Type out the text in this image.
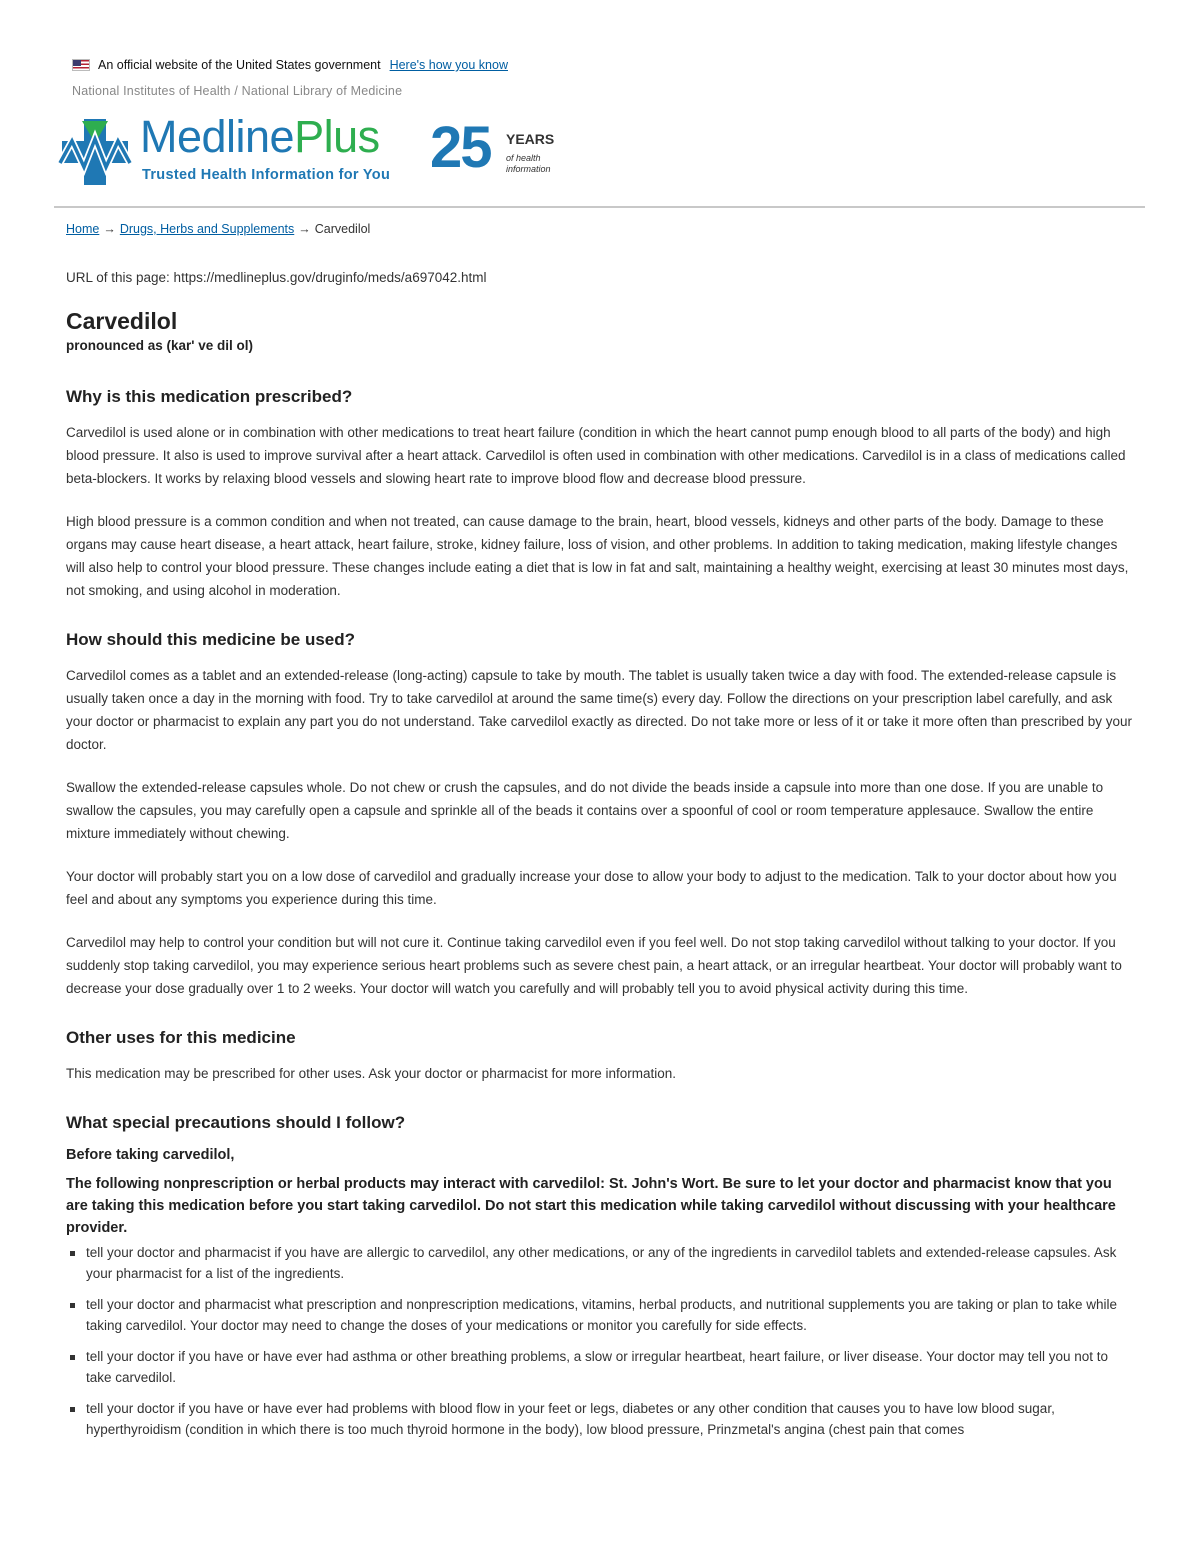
An official website of the United States government Here's how you know
National Institutes of Health / National Library of Medicine
MedlinePlus
Trusted Health Information for You 25 YEARS
of health information
Home → Drugs, Herbs and Supplements → Carvedilol

URL of this page: https://medlineplus.gov/druginfo/meds/a697042.html

Carvedilol
pronounced as (kar' ve dil ol)
Why is this medication prescribed?

Carvedilol is used alone or in combination with other medications to treat heart failure (condition in which the heart cannot pump enough blood to all parts of the body) and high blood pressure. It also is used to improve survival after a heart attack. Carvedilol is often used in combination with other medications. Carvedilol is in a class of medications called beta-blockers. It works by relaxing blood vessels and slowing heart rate to improve blood flow and decrease blood pressure.

High blood pressure is a common condition and when not treated, can cause damage to the brain, heart, blood vessels, kidneys and other parts of the body. Damage to these organs may cause heart disease, a heart attack, heart failure, stroke, kidney failure, loss of vision, and other problems. In addition to taking medication, making lifestyle changes will also help to control your blood pressure. These changes include eating a diet that is low in fat and salt, maintaining a healthy weight, exercising at least 30 minutes most days, not smoking, and using alcohol in moderation.

How should this medicine be used?

Carvedilol comes as a tablet and an extended-release (long-acting) capsule to take by mouth. The tablet is usually taken twice a day with food. The extended-release capsule is usually taken once a day in the morning with food. Try to take carvedilol at around the same time(s) every day. Follow the directions on your prescription label carefully, and ask your doctor or pharmacist to explain any part you do not understand. Take carvedilol exactly as directed. Do not take more or less of it or take it more often than prescribed by your doctor.

Swallow the extended-release capsules whole. Do not chew or crush the capsules, and do not divide the beads inside a capsule into more than one dose. If you are unable to swallow the capsules, you may carefully open a capsule and sprinkle all of the beads it contains over a spoonful of cool or room temperature applesauce. Swallow the entire mixture immediately without chewing.

Your doctor will probably start you on a low dose of carvedilol and gradually increase your dose to allow your body to adjust to the medication. Talk to your doctor about how you feel and about any symptoms you experience during this time.

Carvedilol may help to control your condition but will not cure it. Continue taking carvedilol even if you feel well. Do not stop taking carvedilol without talking to your doctor. If you suddenly stop taking carvedilol, you may experience serious heart problems such as severe chest pain, a heart attack, or an irregular heartbeat. Your doctor will probably want to decrease your dose gradually over 1 to 2 weeks. Your doctor will watch you carefully and will probably tell you to avoid physical activity during this time.

Other uses for this medicine

This medication may be prescribed for other uses. Ask your doctor or pharmacist for more information.

What special precautions should I follow?
Before taking carvedilol,
The following nonprescription or herbal products may interact with carvedilol: St. John's Wort. Be sure to let your doctor and pharmacist know that you are taking this medication before you start taking carvedilol. Do not start this medication while taking carvedilol without discussing with your healthcare provider.
tell your doctor and pharmacist if you have are allergic to carvedilol, any other medications, or any of the ingredients in carvedilol tablets and extended-release capsules. Ask your pharmacist for a list of the ingredients.
tell your doctor and pharmacist what prescription and nonprescription medications, vitamins, herbal products, and nutritional supplements you are taking or plan to take while taking carvedilol. Your doctor may need to change the doses of your medications or monitor you carefully for side effects.
tell your doctor if you have or have ever had asthma or other breathing problems, a slow or irregular heartbeat, heart failure, or liver disease. Your doctor may tell you not to take carvedilol.
tell your doctor if you have or have ever had problems with blood flow in your feet or legs, diabetes or any other condition that causes you to have low blood sugar, hyperthyroidism (condition in which there is too much thyroid hormone in the body), low blood pressure, Prinzmetal's angina (chest pain that comes
